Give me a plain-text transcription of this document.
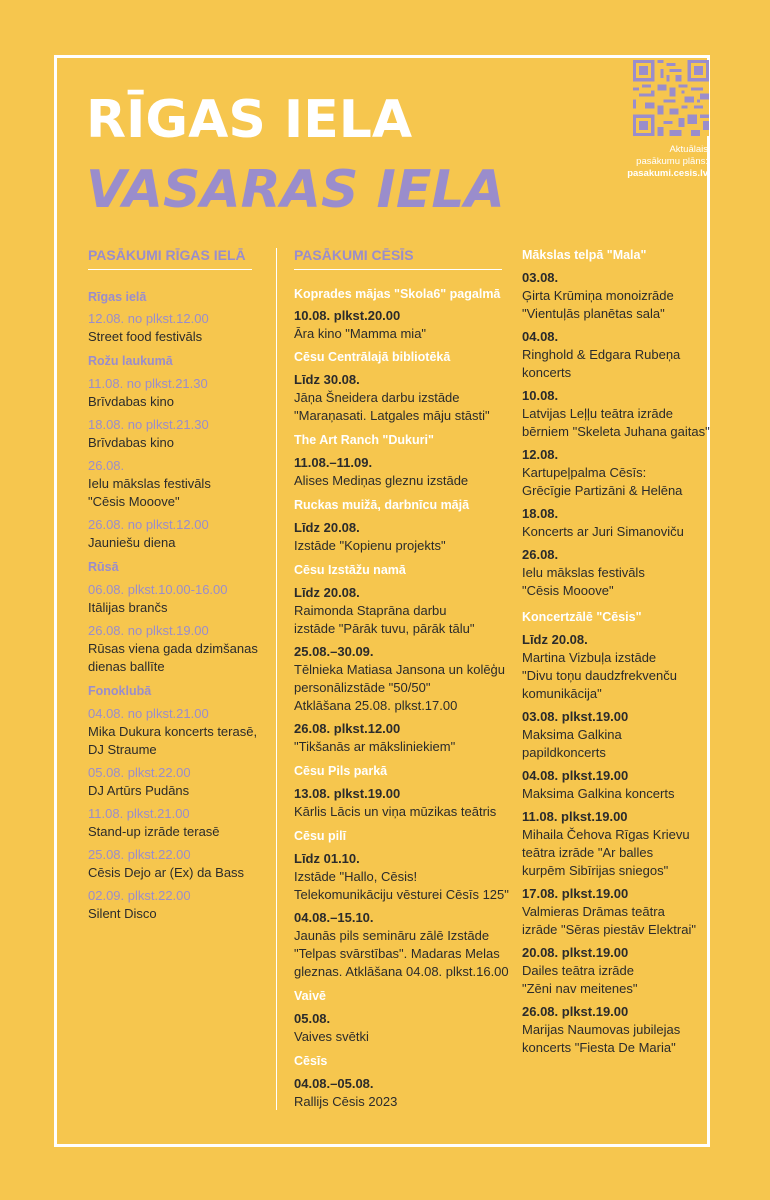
RĪGAS IELA
VASARAS IELA
Aktuālais
pasākumu plāns:
pasakumi.cesis.lv
PASĀKUMI RĪGAS IELĀ
Rīgas ielā
12.08. no plkst.12.00
Street food festivāls
Rožu laukumā
11.08. no plkst.21.30
Brīvdabas kino
18.08. no plkst.21.30
Brīvdabas kino
26.08.
Ielu mākslas festivāls
"Cēsis Mooove"
26.08. no plkst.12.00
Jauniešu diena
Rūsā
06.08. plkst.10.00-16.00
Itālijas brančs
26.08. no plkst.19.00
Rūsas viena gada dzimšanas
dienas ballīte
Fonoklubā
04.08. no plkst.21.00
Mika Dukura koncerts terasē,
DJ Straume
05.08. plkst.22.00
DJ Artūrs Pudāns
11.08. plkst.21.00
Stand-up izrāde terasē
25.08. plkst.22.00
Cēsis Dejo ar (Ex) da Bass
02.09. plkst.22.00
Silent Disco
PASĀKUMI CĒSĪS
Koprades mājas "Skola6" pagalmā
10.08. plkst.20.00
Āra kino "Mamma mia"
Cēsu Centrālajā bibliotēkā
Līdz 30.08.
Jāņa Šneidera darbu izstāde
"Maraņasati. Latgales māju stāsti"
The Art Ranch "Dukuri"
11.08.–11.09.
Alises Mediņas gleznu izstāde
Ruckas muižā, darbnīcu mājā
Līdz 20.08.
Izstāde "Kopienu projekts"
Cēsu Izstāžu namā
Līdz 20.08.
Raimonda Staprāna darbu
izstāde "Pārāk tuvu, pārāk tālu"
25.08.–30.09.
Tēlnieka Matiasa Jansona un kolēģu
personālizstāde "50/50"
Atklāšana 25.08. plkst.17.00
26.08. plkst.12.00
"Tikšanās ar māksliniekiem"
Cēsu Pils parkā
13.08. plkst.19.00
Kārlis Lācis un viņa mūzikas teātris
Cēsu pilī
Līdz 01.10.
Izstāde "Hallo, Cēsis!
Telekomunikāciju vēsturei Cēsīs 125"
04.08.–15.10.
Jaunās pils semināru zālē Izstāde
"Telpas svārstības". Madaras Melas
gleznas. Atklāšana 04.08. plkst.16.00
Vaivē
05.08.
Vaives svētki
Cēsīs
04.08.–05.08.
Rallijs Cēsis 2023
Mākslas telpā "Mala"
03.08.
Ģirta Krūmiņa monoizrāde
"Vientuļās planētas sala"
04.08.
Ringhold & Edgara Rubeņa
koncerts
10.08.
Latvijas Leļļu teātra izrāde
bērniem "Skeleta Juhana gaitas"
12.08.
Kartupeļpalma Cēsīs:
Grēcīgie Partizāni & Helēna
18.08.
Koncerts ar Juri Simanoviču
26.08.
Ielu mākslas festivāls
"Cēsis Mooove"
Koncertzālē "Cēsis"
Līdz 20.08.
Martina Vizbuļa izstāde
"Divu toņu daudzfrekvenču
komunikācija"
03.08. plkst.19.00
Maksima Galkina
papildkoncerts
04.08. plkst.19.00
Maksima Galkina koncerts
11.08. plkst.19.00
Mihaila Čehova Rīgas Krievu
teātra izrāde "Ar balles
kurpēm Sibīrijas sniegos"
17.08. plkst.19.00
Valmieras Drāmas teātra
izrāde "Sēras piestāv Elektrai"
20.08. plkst.19.00
Dailes teātra izrāde
"Zēni nav meitenes"
26.08. plkst.19.00
Marijas Naumovas jubilejas
koncerts "Fiesta De Maria"
